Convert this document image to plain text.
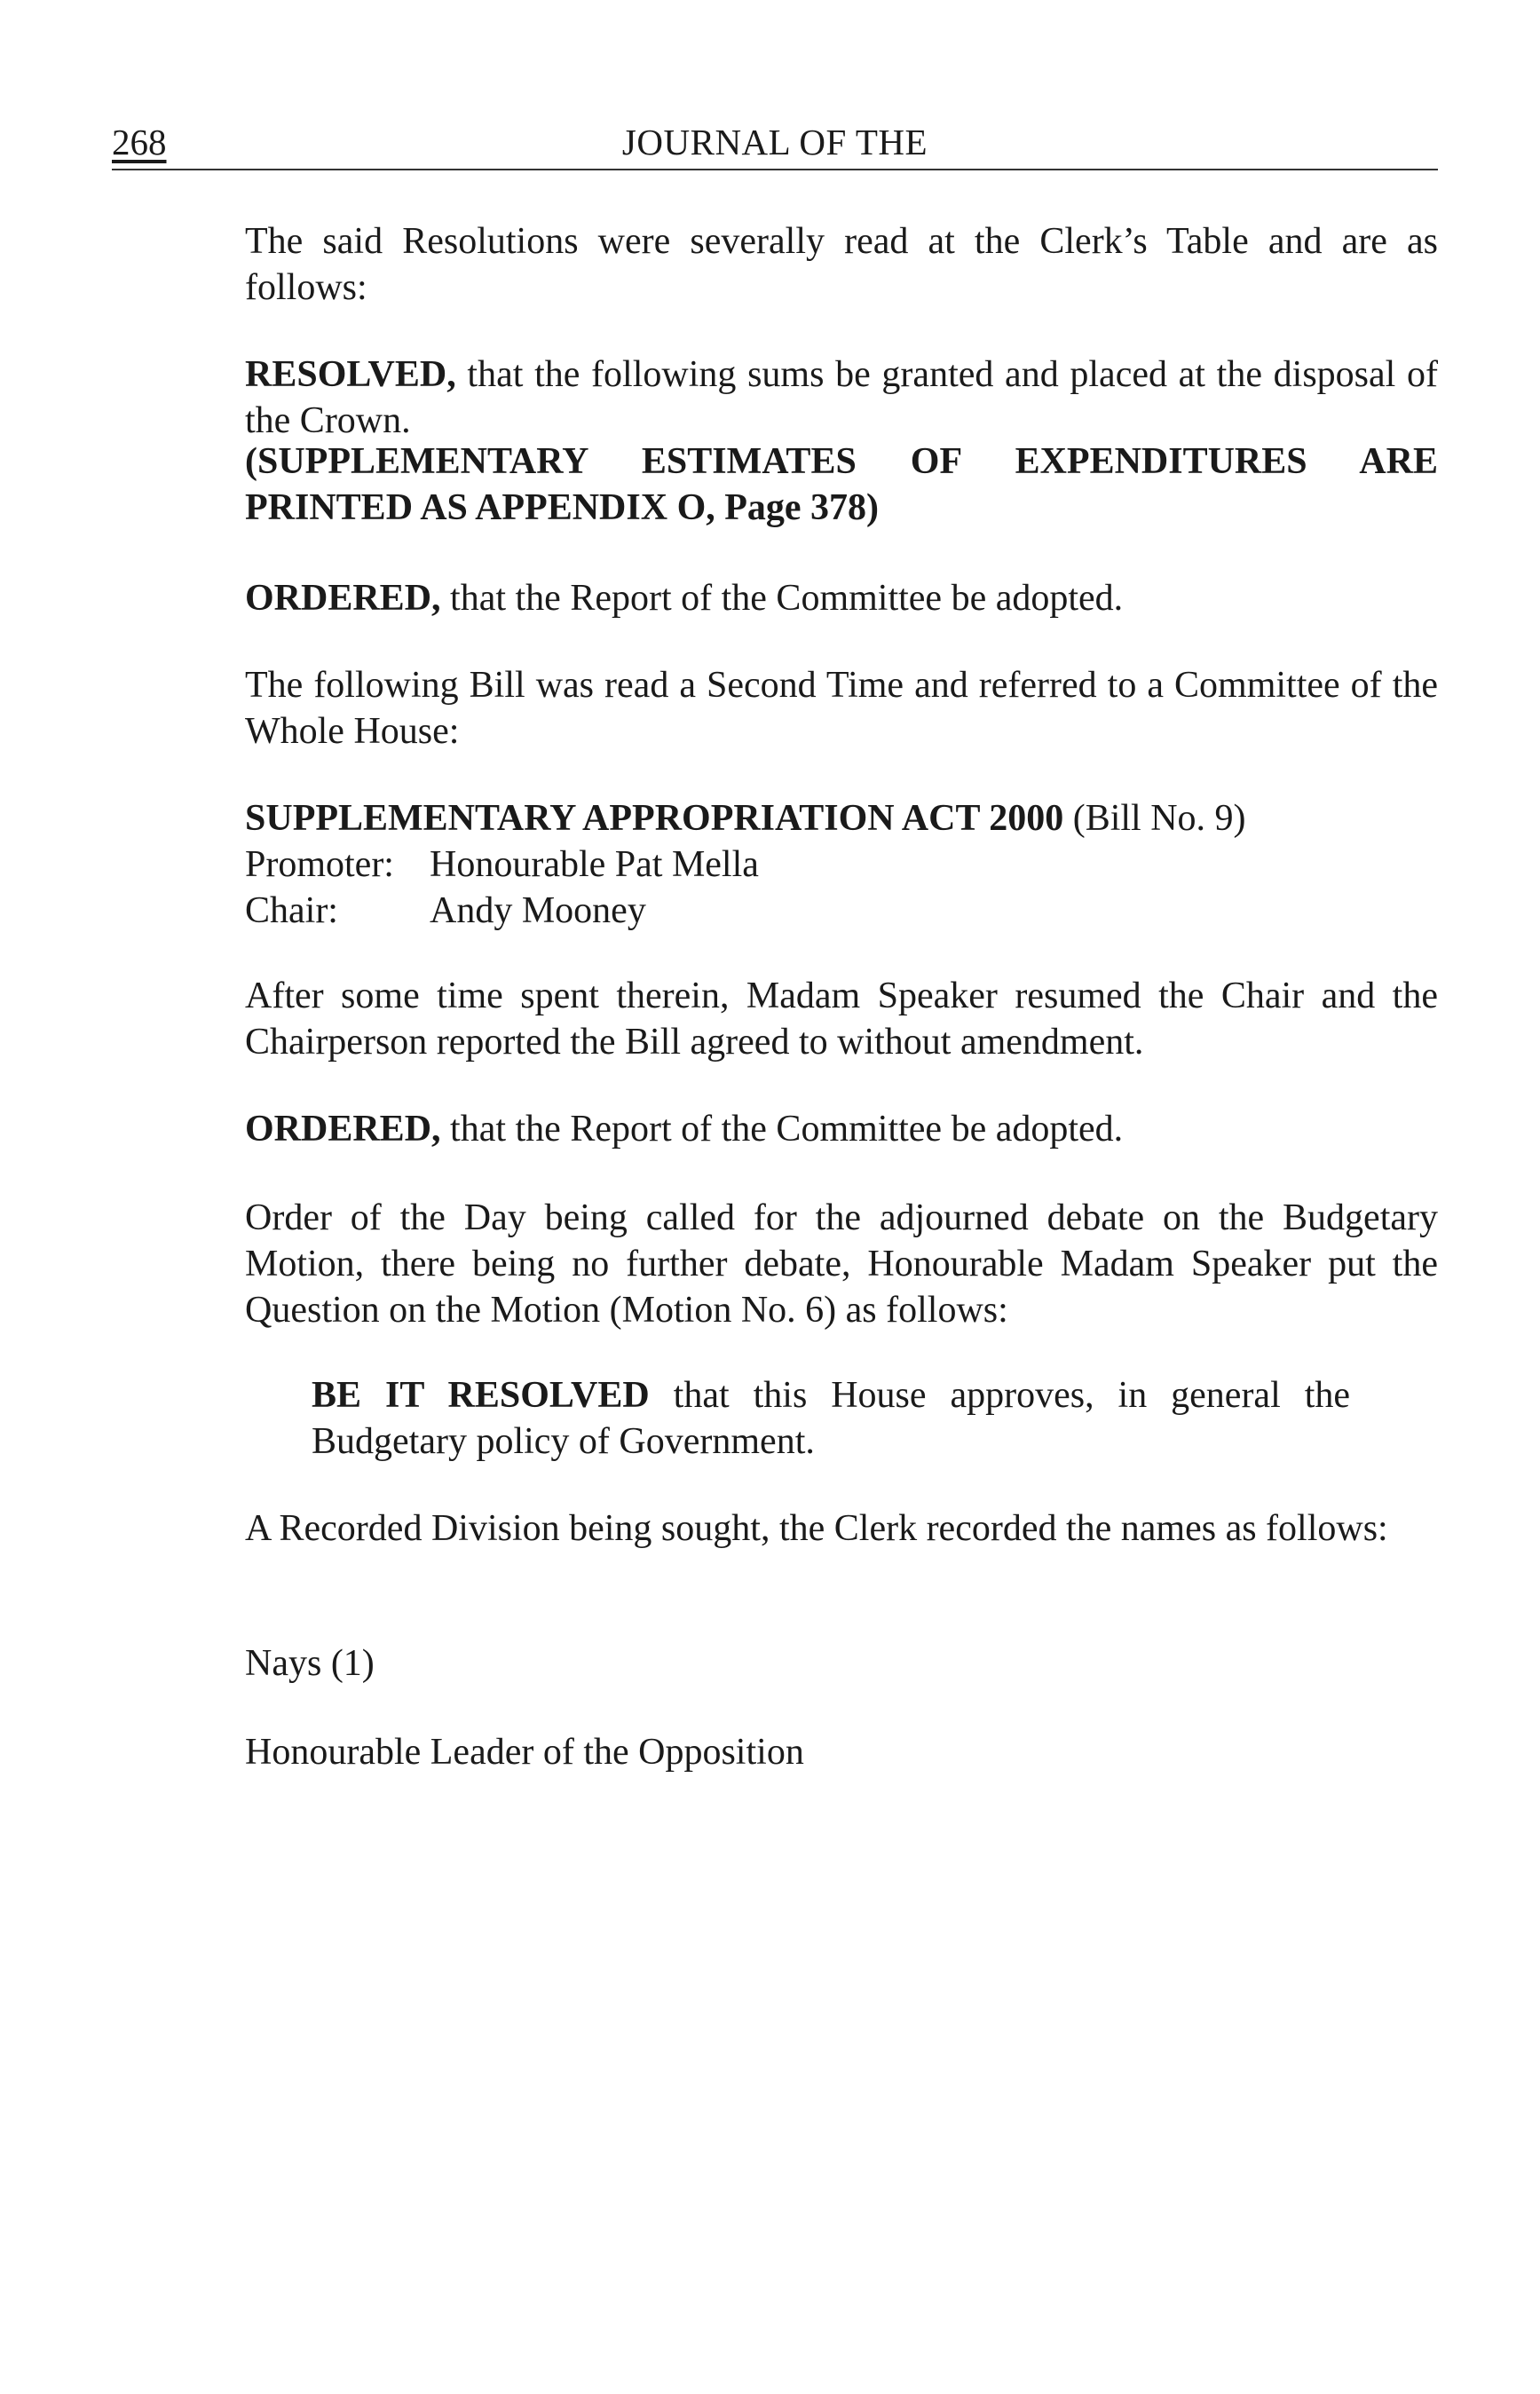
268	JOURNAL OF THE

The said Resolutions were severally read at the Clerk’s Table and are as follows:

RESOLVED, that the following sums be granted and placed at the disposal of the Crown.

(SUPPLEMENTARY ESTIMATES OF EXPENDITURES ARE
PRINTED AS APPENDIX O, Page 378)

ORDERED, that the Report of the Committee be adopted.

The following Bill was read a Second Time and referred to a Committee of the Whole House:

SUPPLEMENTARY APPROPRIATION ACT 2000 (Bill No. 9)
Promoter: Honourable Pat Mella
Chair:	Andy Mooney

After some time spent therein, Madam Speaker resumed the Chair and the Chairperson reported the Bill agreed to without amendment.

ORDERED, that the Report of the Committee be adopted.

Order of the Day being called for the adjourned debate on the Budgetary Motion, there being no further debate, Honourable Madam Speaker put the Question on the Motion (Motion No. 6) as follows:

BE IT RESOLVED that this House approves, in general the Budgetary policy of Government.

A Recorded Division being sought, the Clerk recorded the names as follows:

Nays (1)

Honourable Leader of the Opposition
